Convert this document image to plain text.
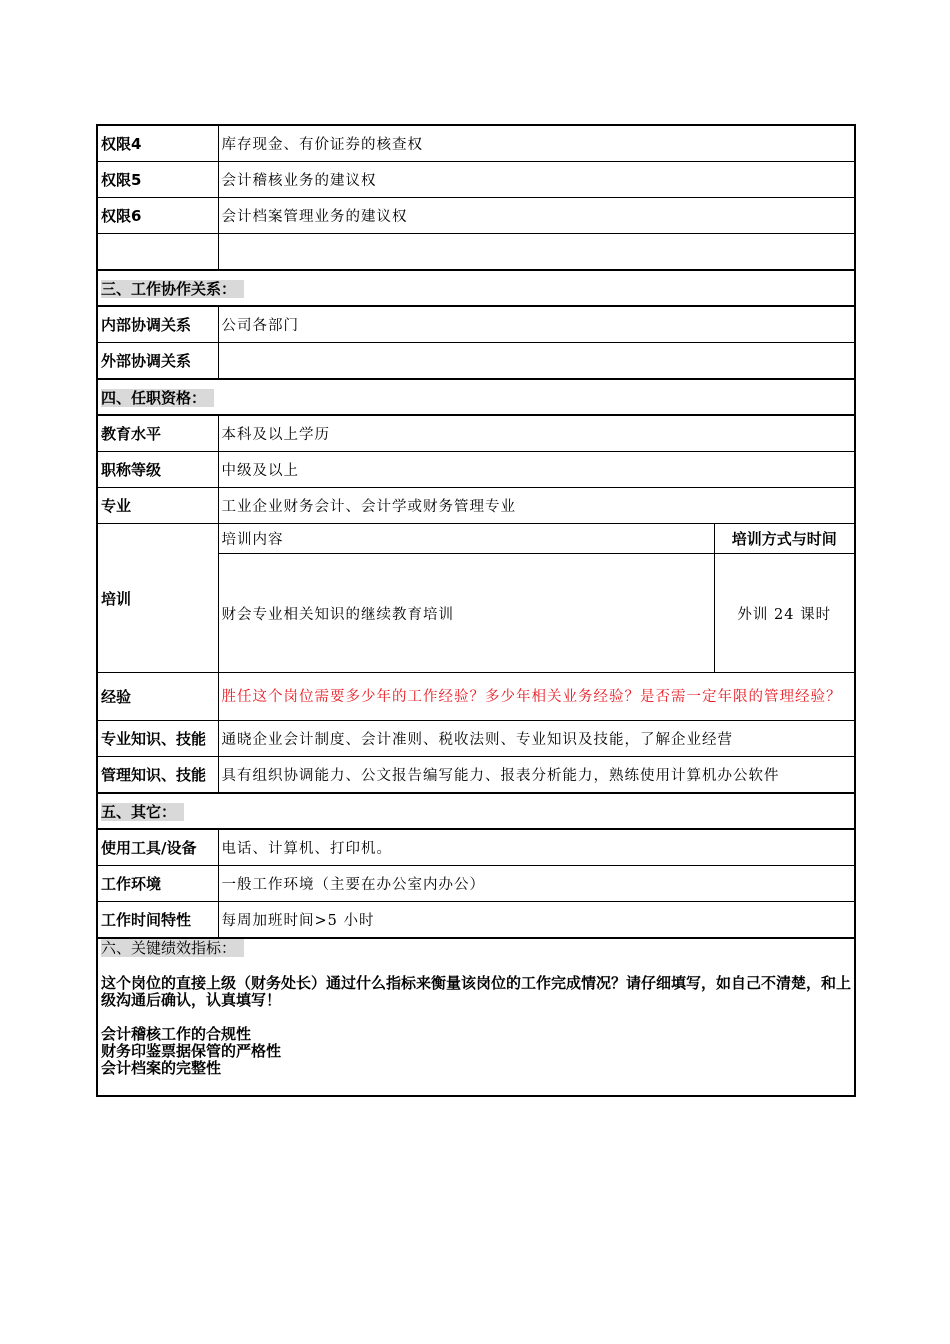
权限4	库存现金、有价证券的核查权	
权限5	会计稽核业务的建议权	
权限6	会计档案管理业务的建议权	

三、工作协作关系：		
内部协调关系	公司各部门	
外部协调关系		
四、任职资格：		
教育水平	本科及以上学历	
职称等级	中级及以上	
专业	工业企业财务会计、会计学或财务管理专业	
培训	培训内容	培训方式与时间
	财会专业相关知识的继续教育培训	外训 24 课时
经验	胜任这个岗位需要多少年的工作经验？多少年相关业务经验？是否需一定年限的管理经验？	
专业知识、技能	通晓企业会计制度、会计准则、税收法则、专业知识及技能，了解企业经营	
管理知识、技能	具有组织协调能力、公文报告编写能力、报表分析能力，熟练使用计算机办公软件	
五、其它：		
使用工具/设备	电话、计算机、打印机。	
工作环境	一般工作环境（主要在办公室内办公）	
工作时间特性	每周加班时间>5 小时	

六、关键绩效指标：

这个岗位的直接上级（财务处长）通过什么指标来衡量该岗位的工作完成情况？请仔细填写，如自己不清楚，和上级沟通后确认，认真填写！

会计稽核工作的合规性

财务印鉴票据保管的严格性

会计档案的完整性		
